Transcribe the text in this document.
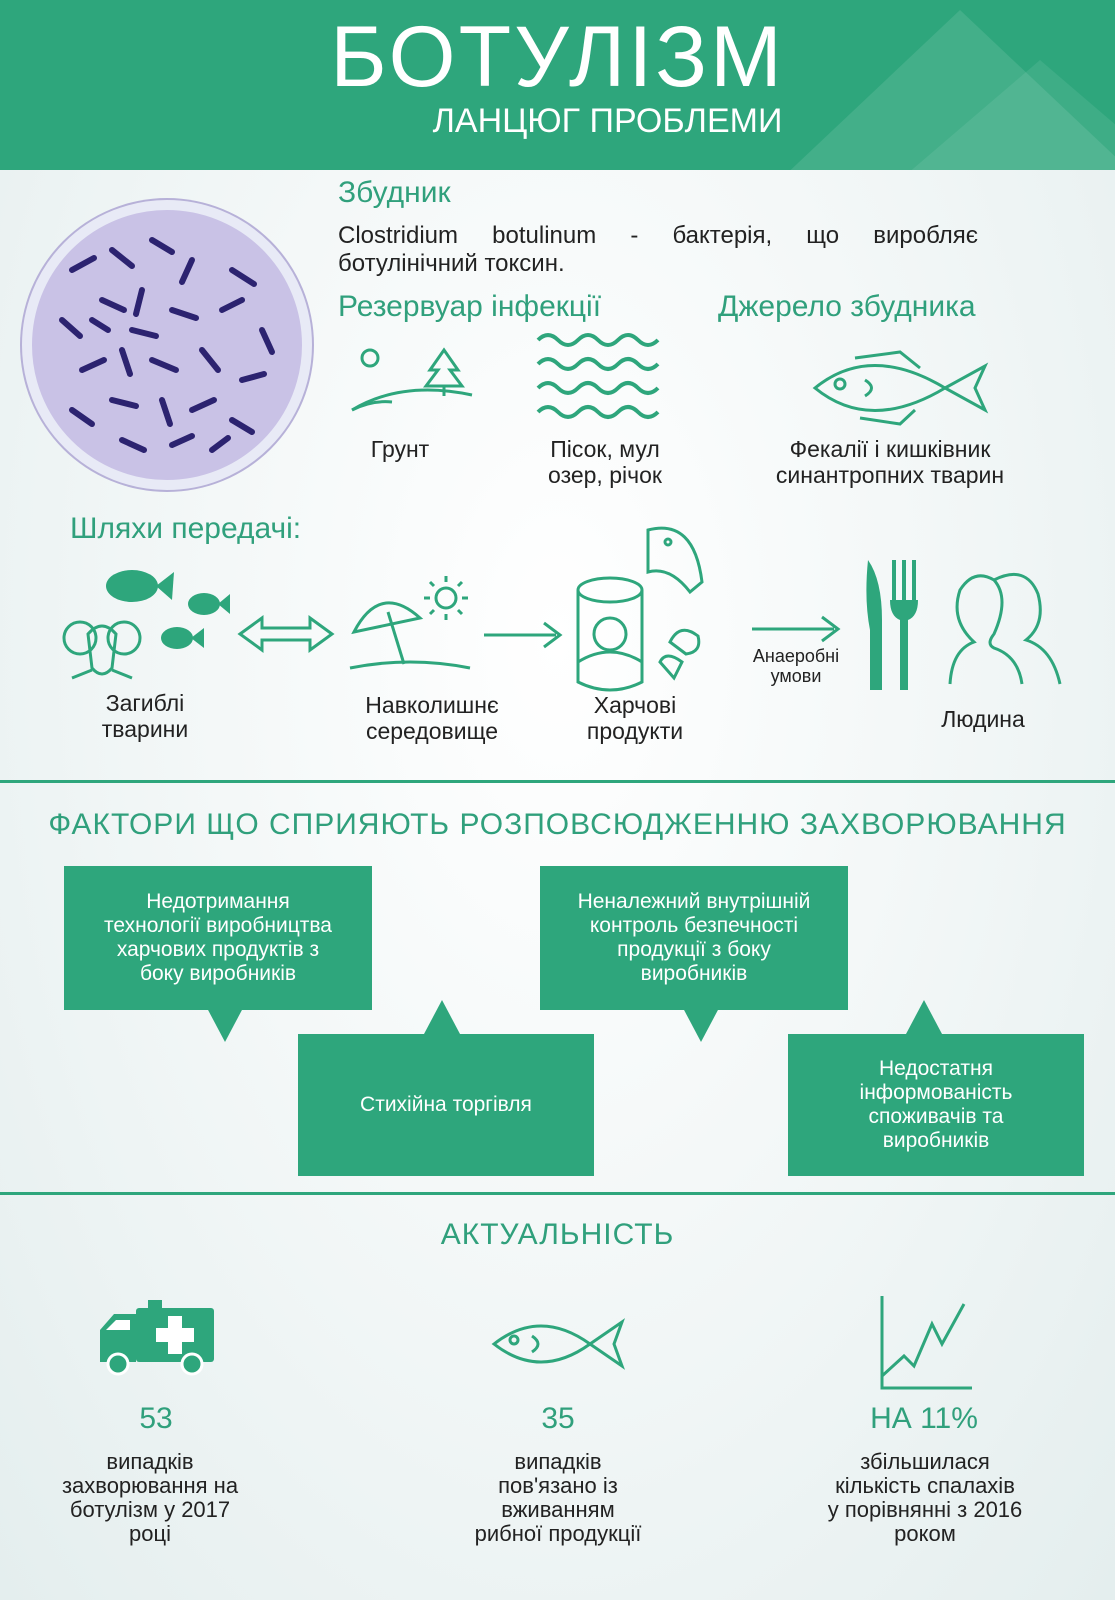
БОТУЛІЗМ
ЛАНЦЮГ ПРОБЛЕМИ
Збудник
Clostridium botulinum - бактерія, що виробляє ботулінічний токсин.
Резервуар інфекції
Грунт	Пісок, мул
озер, річок
Джерело збудника
Фекалії і кишківник
синантропних тварин
Шляхи передачі:
Загиблі
тварини
Навколишнє
середовище
Харчові
продукти
Анаеробні
умови
Людина
ФАКТОРИ ЩО СПРИЯЮТЬ РОЗПОВСЮДЖЕННЮ ЗАХВОРЮВАННЯ
Недотримання
технології виробництва
харчових продуктів з
боку виробників
Неналежний внутрішній
контроль безпечності
продукції з боку
виробників
Стихійна торгівля
Недостатня
інформованість
споживачів та
виробників
АКТУАЛЬНІСТЬ
53
випадків
захворювання на
ботулізм у 2017
році
35
випадків
пов'язано із
вживанням
рибної продукції
НА 11%
збільшилася
кількість спалахів
у порівнянні з 2016
роком
